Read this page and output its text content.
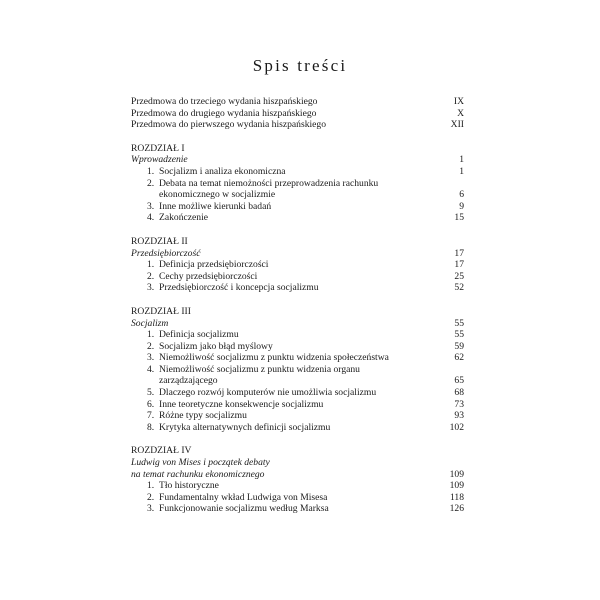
Spis treści
Przedmowa do trzeciego wydania hiszpańskiego	IX
Przedmowa do drugiego wydania hiszpańskiego	X
Przedmowa do pierwszego wydania hiszpańskiego	XII
ROZDZIAŁ I
Wprowadzenie	1
1. Socjalizm i analiza ekonomiczna	1
2. Debata na temat niemożności przeprowadzenia rachunku
ekonomicznego w socjalizmie	6
3. Inne możliwe kierunki badań	9
4. Zakończenie	15
ROZDZIAŁ II
Przedsiębiorczość	17
1. Definicja przedsiębiorczości	17
2. Cechy przedsiębiorczości	25
3. Przedsiębiorczość i koncepcja socjalizmu	52
ROZDZIAŁ III
Socjalizm	55
1. Definicja socjalizmu	55
2. Socjalizm jako błąd myślowy	59
3. Niemożliwość socjalizmu z punktu widzenia społeczeństwa	62
4. Niemożliwość socjalizmu z punktu widzenia organu
zarządzającego	65
5. Dlaczego rozwój komputerów nie umożliwia socjalizmu	68
6. Inne teoretyczne konsekwencje socjalizmu	73
7. Różne typy socjalizmu	93
8. Krytyka alternatywnych definicji socjalizmu	102
ROZDZIAŁ IV
Ludwig von Mises i początek debaty
na temat rachunku ekonomicznego	109
1. Tło historyczne	109
2. Fundamentalny wkład Ludwiga von Misesa	118
3. Funkcjonowanie socjalizmu według Marksa	126
